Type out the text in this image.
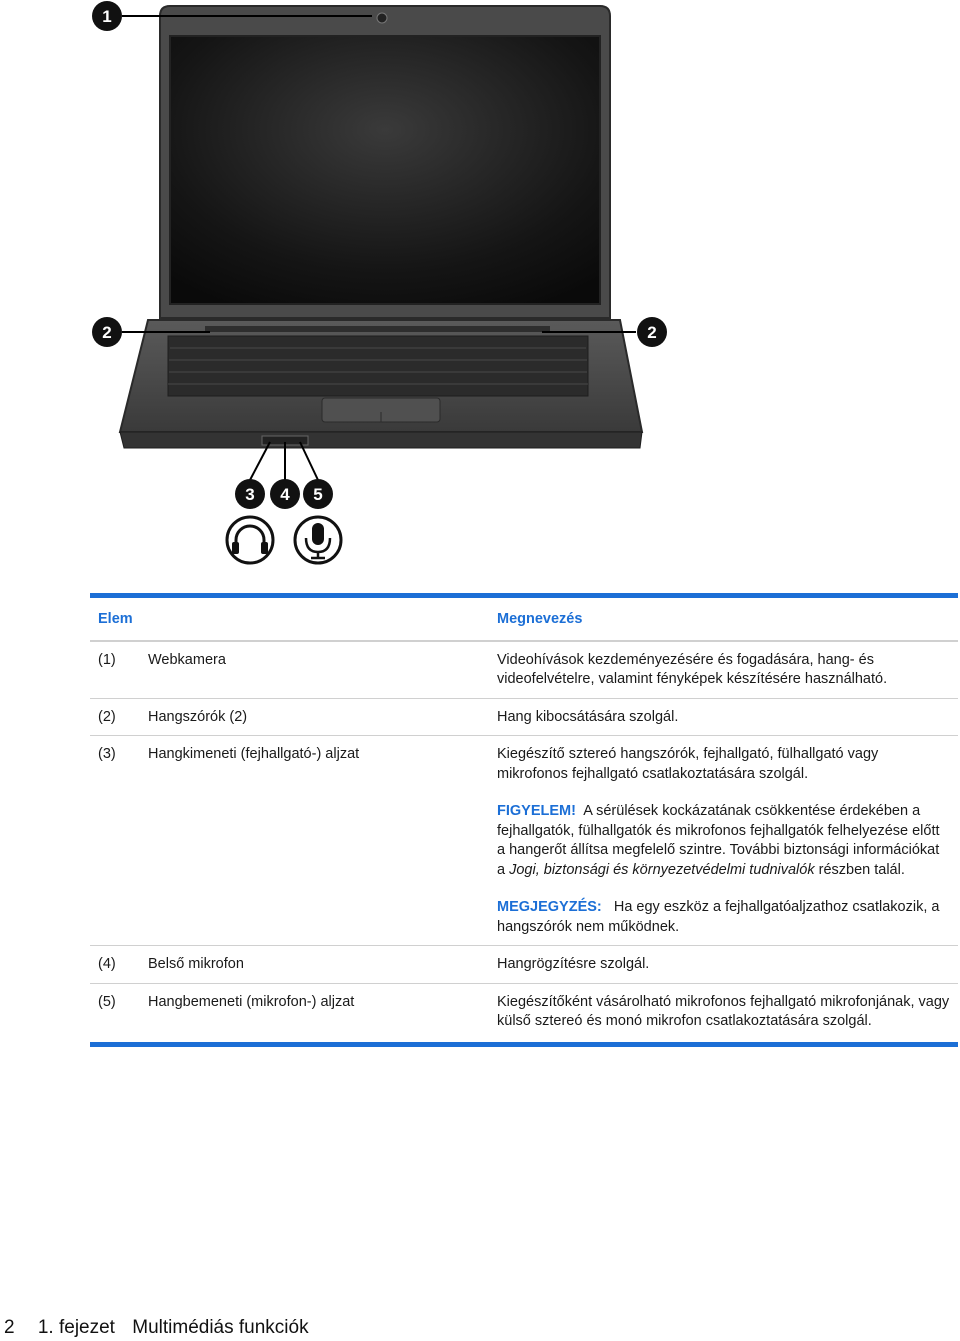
1
2	2
3 4 5
Elem		Megnevezés
(1)	Webkamera	Videohívások kezdeményezésére és fogadására, hang- és videofelvételre, valamint fényképek készítésére használható.
(2)	Hangszórók (2)	Hang kibocsátására szolgál.
(3)	Hangkimeneti (fejhallgató-) aljzat	Kiegészítő sztereó hangszórók, fejhallgató, fülhallgató vagy mikrofonos fejhallgató csatlakoztatására szolgál.
FIGYELEM! A sérülések kockázatának csökkentése érdekében a fejhallgatók, fülhallgatók és mikrofonos fejhallgatók felhelyezése előtt a hangerőt állítsa megfelelő szintre. További biztonsági információkat a Jogi, biztonsági és környezetvédelmi tudnivalók részben talál.
MEGJEGYZÉS: Ha egy eszköz a fejhallgatóaljzathoz csatlakozik, a hangszórók nem működnek.

(4)	Belső mikrofon	Hangrögzítésre szolgál.
(5)	Hangbemeneti (mikrofon-) aljzat	Kiegészítőként vásárolható mikrofonos fejhallgató mikrofonjának, vagy külső sztereó és monó mikrofon csatlakoztatására szolgál.
2 1. fejezet Multimédiás funkciók
